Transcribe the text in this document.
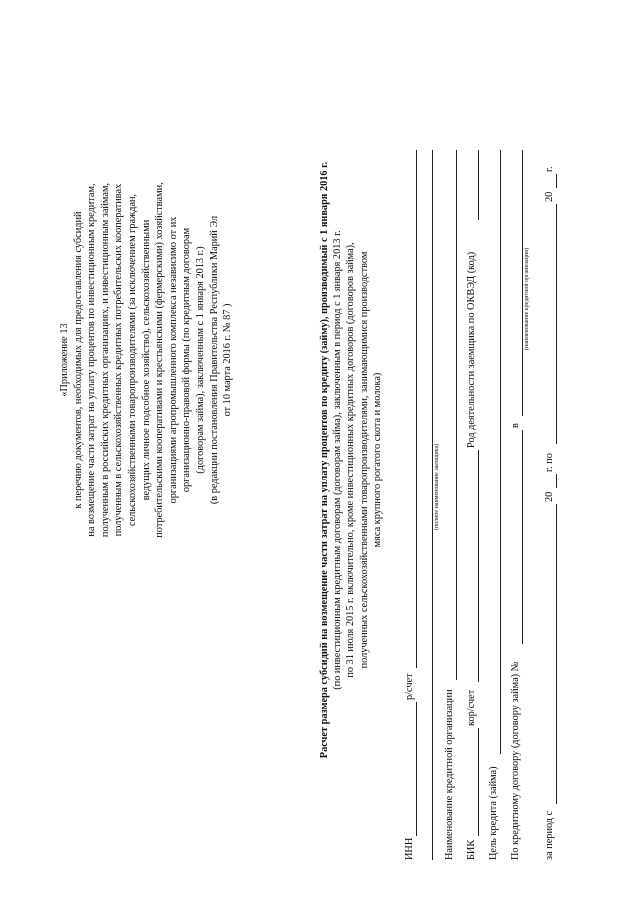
«Приложение 13 к перечню документов, необходимых для предоставления субсидий на возмещение части затрат на уплату процентов по инвестиционным кредитам, полученным в российских кредитных организациях, и инвестиционным займам, полученным в сельскохозяйственных кредитных потребительских кооперативах сельскохозяйственными товаропроизводителями (за исключением граждан, ведущих личное подсобное хозяйство), сельскохозяйственными потребительскими кооперативами и крестьянскими (фермерскими) хозяйствами, организациями агропромышленного комплекса независимо от их организационно-правовой формы (по кредитным договорам (договорам займа), заключенным с 1 января 2013 г.) (в редакции постановления Правительства Республики Марий Эл от 10 марта 2016 г. № 87 )	Расчет размера субсидий на возмещение части затрат на уплату процентов по кредиту (займу), производимый с 1 января 2016 г. (по инвестиционным кредитным договорам (договорам займа), заключенным в период с 1 января 2013 г. по 31 июля 2015 г. включительно, кроме инвестиционных кредитных договоров (договоров займа), полученных сельскохозяйственными товаропроизводителями, занимающимися производством мяса крупного рогатого скота и молока)
ИНН
р/счет
(полное наименование заемщика)
Наименование кредитной организации БИК
кор/счет
Род деятельности заемщика по ОКВЭД (код)
Цель кредита (займа) По кредитному договору (договору займа) №
в
(наименование кредитной организации)
за период с
20
г. по
20
г.
